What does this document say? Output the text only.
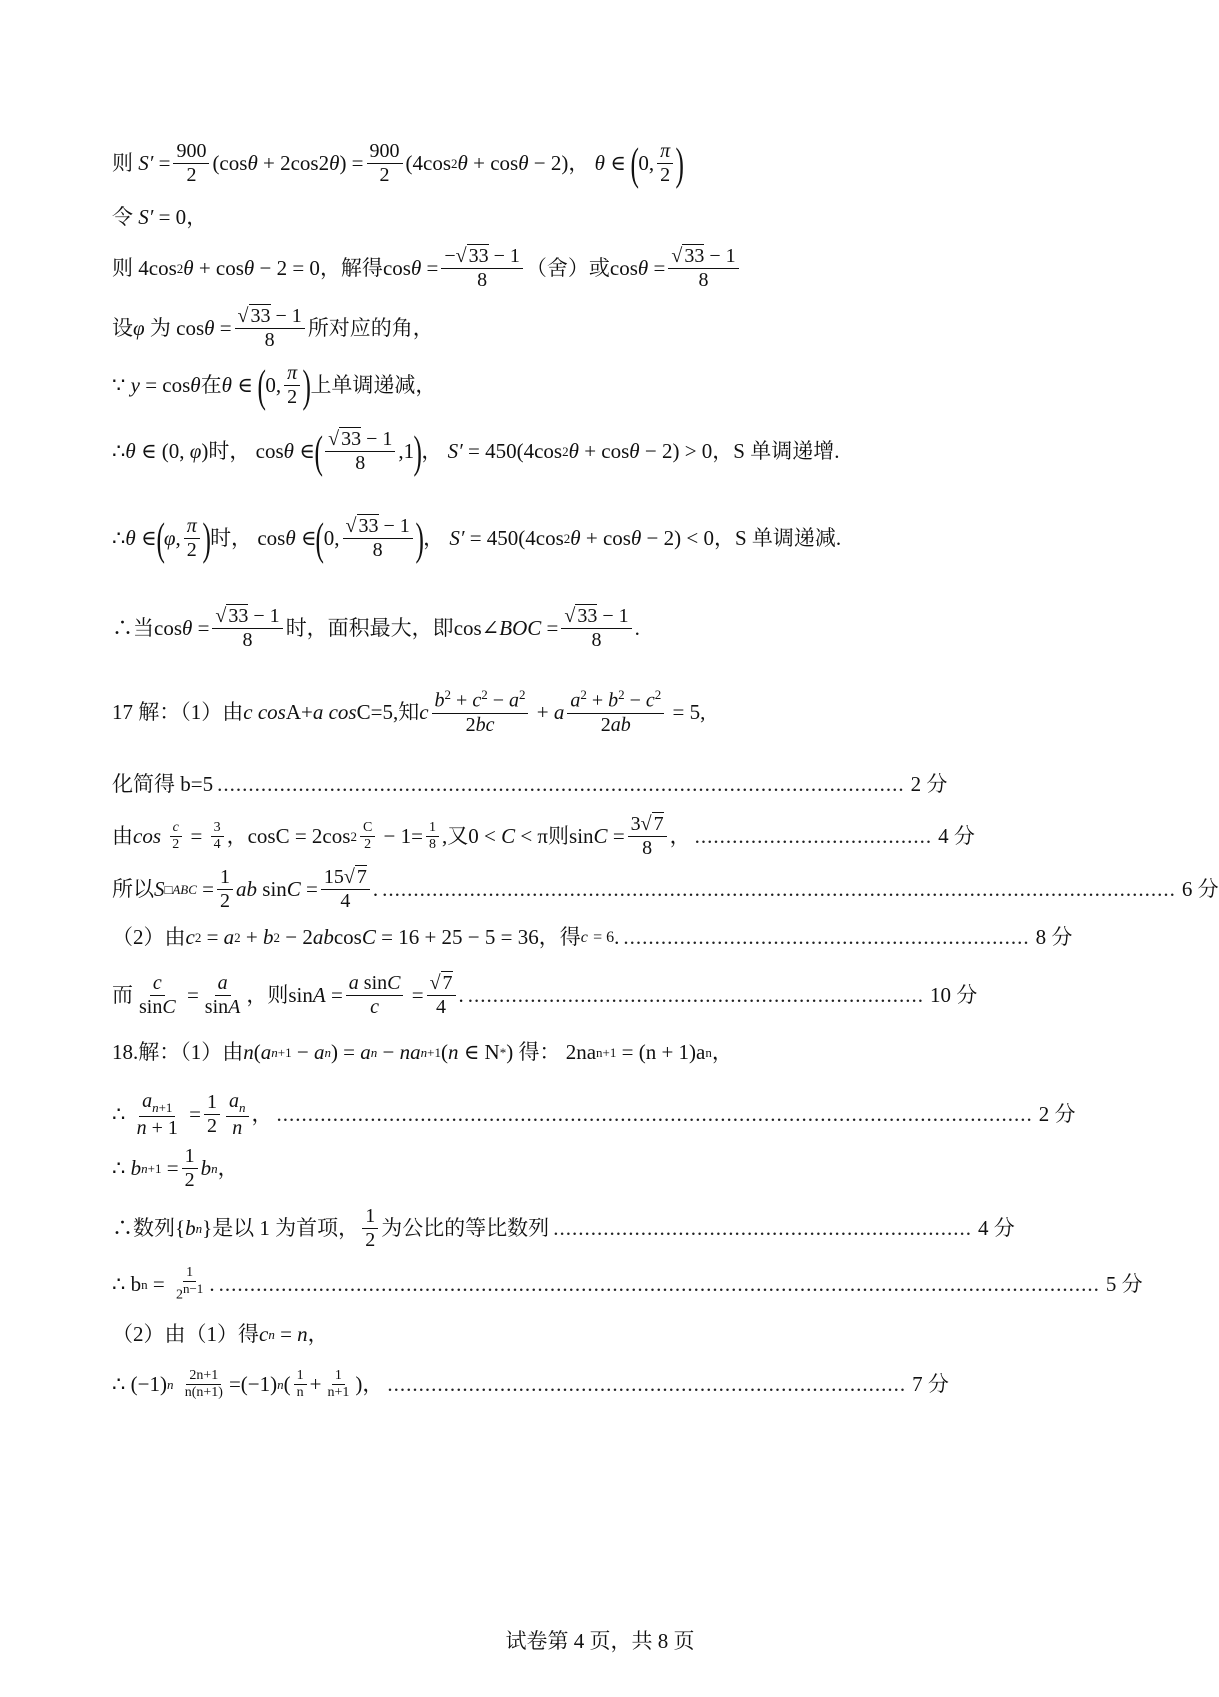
则 $S' = \frac{900}{2} (\cos$ θ + 2cos2 θ ) = $\frac{900}{2} (4\cos$ 2 θ + cos θ − 2) ，
θ ∈ ( 0, $\frac{\pi}{2}$ )
令 S′ = 0 ，
则 4cos 2 θ + cos θ − 2 = 0 ，解得 $\cos \theta = \frac{-√ 33 - 1}{8}$ （舍）或 $\cos \theta = \frac{√ 33 - 1}{8}$
设 φ 为 $\cos \theta = \frac{√ 33 - 1}{8}$ 所对应的角，
∵
y = cos θ 在 θ ∈ ( 0, $\frac{\pi}{2}$ ) 上单调递减，
∴ θ ∈ (0, φ ) 时， cos θ ∈ ( $\frac{√ 33 - 1}{8} ,1$ ) ，
S′ = 450(4cos 2 θ + cos θ − 2) > 0 ，S 单调递增.
∴ θ ∈ ( φ , $\frac{\pi}{2}$ ) 时， cos θ ∈ ( 0, $\frac{√ 33 - 1}{8}$ ) ，
S′ = 450(4cos 2 θ + cos θ − 2) < 0 ，S 单调递减.
∴当 $\cos \theta = \frac{√ 33 - 1}{8}$ 时，面积最大，即 cos∠ BOC = $\frac{√ 33 - 1}{8}$ .
17 解：（1）由 c
cos A+ a
cos C =5,知 c $\frac{b^2 + c^2 - a^2}{2bc} + a \frac{a^2 + b^2 - c^2}{2ab}$
= 5,
化简得 b=5 .............................................................................................................. 2 分
由 cos
$\frac{c}{2} = \frac{3}{4}$ ，cosC = 2cos $2 \frac{C}{2} - 1= \frac{1}{8}$ ,又 0 < C < π 则 $\sin C = \frac{3√ 7}{8}$ ， ...................................... 4 分
所以 S □ABC = $\frac{1}{2}$ ab $\sin C = \frac{15√ 7}{4}$ . ............................................................................................................................... 6 分
（2）由 c 2 = a 2 + b 2 − 2 ab cos C = 16 + 25 − 5 = 36 ，得 c
= 6 . ................................................................. 8 分
而 $\frac{c}{\sin C} = \frac{a}{\sin A}$ ，则 $\sin A = \frac{\text{a sinC}}{c} = \frac{√ 7}{4}$ . ......................................................................... 10 分
18.解：（1）由 n ( a n+1 − a n ) = a n − na n+1 ( n ∈ N * ) 得： 2na n+1 = (n + 1)a n ，
∴ $\frac{a_{n+1}}{n + 1} = \frac{1}{2} \frac{a_n}{n}$ ， ......................................................................................................................... 2 分
∴ b $n+1 = \frac{1}{2}$ b n ，
∴数列 { b n } 是以 1 为首项， $\frac{1}{2}$ 为公比的等比数列 ................................................................... 4 分
∴ b $n = \frac{1}{2^{n-1}}$ . ............................................................................................................................................. 5 分
（2）由（1）得 c n = n ，
∴ (−1) n
$\frac{2n+1}{n(n+1)} =(-1)$ n ( $\frac{1}{n} + \frac{1}{n+1}$ )， ................................................................................... 7 分
试卷第 4 页，共 8 页
